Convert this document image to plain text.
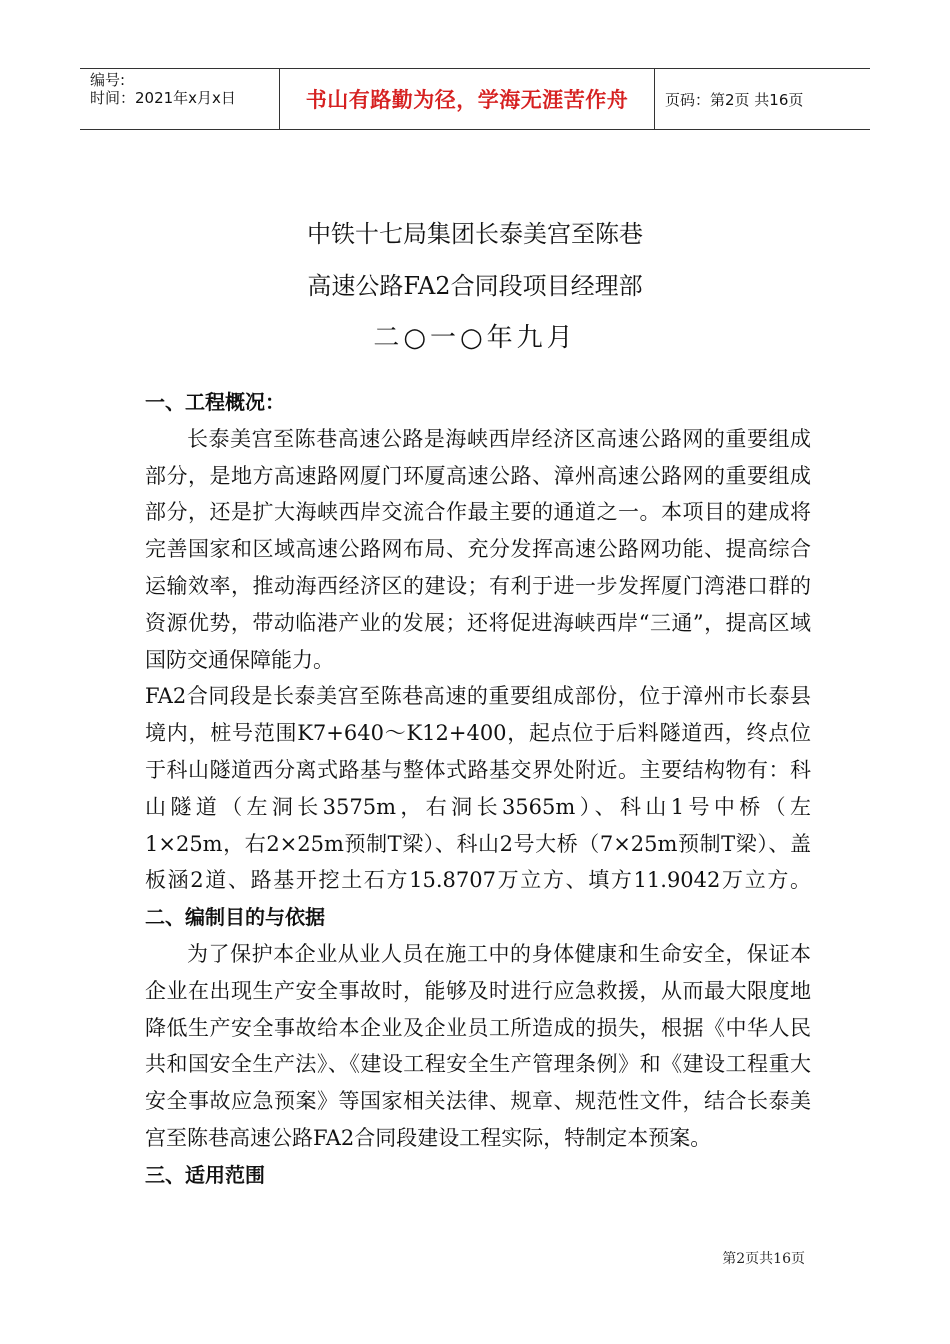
编号:
时间：2021年x月x日	书山有路勤为径，学海无涯苦作舟	页码：第2页 共16页
中铁十七局集团长泰美宫至陈巷
高速公路FA2合同段项目经理部
二○一○年九月

一、工程概况：

长泰美宫至陈巷高速公路是海峡西岸经济区高速公路网的重要组成部分，是地方高速路网厦门环厦高速公路、漳州高速公路网的重要组成部分，还是扩大海峡西岸交流合作最主要的通道之一。本项目的建成将完善国家和区域高速公路网布局、充分发挥高速公路网功能、提高综合运输效率，推动海西经济区的建设；有利于进一步发挥厦门湾港口群的资源优势，带动临港产业的发展；还将促进海峡西岸“三通”，提高区域国防交通保障能力。

FA2合同段是长泰美宫至陈巷高速的重要组成部份，位于漳州市长泰县境内，桩号范围K7+640～K12+400，起点位于后料隧道西，终点位于科山隧道西分离式路基与整体式路基交界处附近。主要结构物有：科山隧道（左洞长3575m，右洞长3565m）、科山1号中桥（左1×25m，右2×25m预制T梁）、科山2号大桥（7×25m预制T梁）、盖板涵2道、路基开挖土石方15.8707万立方、填方11.9042万立方。二、编制目的与依据

为了保护本企业从业人员在施工中的身体健康和生命安全，保证本企业在出现生产安全事故时，能够及时进行应急救援，从而最大限度地降低生产安全事故给本企业及企业员工所造成的损失，根据《中华人民共和国安全生产法》、《建设工程安全生产管理条例》和《建设工程重大安全事故应急预案》等国家相关法律、规章、规范性文件，结合长泰美宫至陈巷高速公路FA2合同段建设工程实际，特制定本预案。

三、适用范围

第2页共16页
